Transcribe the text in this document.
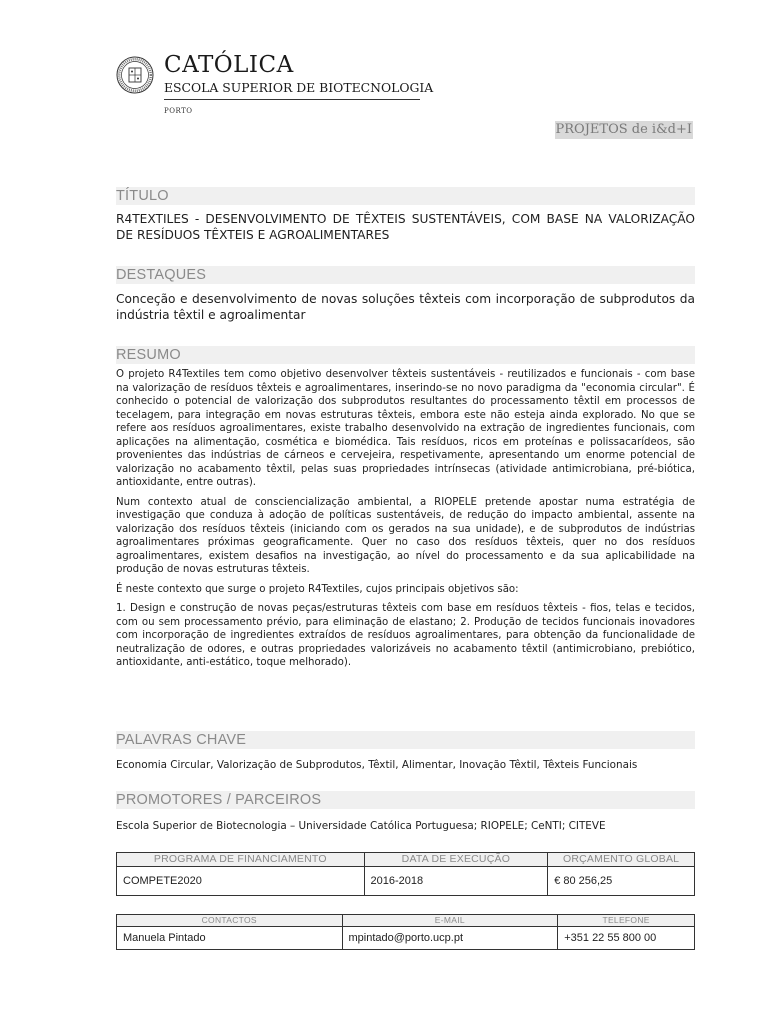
CATÓLICA
ESCOLA SUPERIOR DE BIOTECNOLOGIA
PORTO
PROJETOS de i&d+I
TÍTULO
R4TEXTILES - DESENVOLVIMENTO DE TÊXTEIS SUSTENTÁVEIS, COM BASE NA VALORIZAÇÃO DE RESÍDUOS TÊXTEIS E AGROALIMENTARES
DESTAQUES
Conceção e desenvolvimento de novas soluções têxteis com incorporação de subprodutos da indústria têxtil e agroalimentar
RESUMO

O projeto R4Textiles tem como objetivo desenvolver têxteis sustentáveis - reutilizados e funcionais - com base na valorização de resíduos têxteis e agroalimentares, inserindo-se no novo paradigma da "economia circular". É conhecido o potencial de valorização dos subprodutos resultantes do processamento têxtil em processos de tecelagem, para integração em novas estruturas têxteis, embora este não esteja ainda explorado. No que se refere aos resíduos agroalimentares, existe trabalho desenvolvido na extração de ingredientes funcionais, com aplicações na alimentação, cosmética e biomédica. Tais resíduos, ricos em proteínas e polissacarídeos, são provenientes das indústrias de cárneos e cervejeira, respetivamente, apresentando um enorme potencial de valorização no acabamento têxtil, pelas suas propriedades intrínsecas (atividade antimicrobiana, pré-biótica, antioxidante, entre outras).

Num contexto atual de consciencialização ambiental, a RIOPELE pretende apostar numa estratégia de investigação que conduza à adoção de políticas sustentáveis, de redução do impacto ambiental, assente na valorização dos resíduos têxteis (iniciando com os gerados na sua unidade), e de subprodutos de indústrias agroalimentares próximas geograficamente. Quer no caso dos resíduos têxteis, quer no dos resíduos agroalimentares, existem desafios na investigação, ao nível do processamento e da sua aplicabilidade na produção de novas estruturas têxteis.

É neste contexto que surge o projeto R4Textiles, cujos principais objetivos são:

1. Design e construção de novas peças/estruturas têxteis com base em resíduos têxteis - fios, telas e tecidos, com ou sem processamento prévio, para eliminação de elastano; 2. Produção de tecidos funcionais inovadores com incorporação de ingredientes extraídos de resíduos agroalimentares, para obtenção da funcionalidade de neutralização de odores, e outras propriedades valorizáveis no acabamento têxtil (antimicrobiano, prebiótico, antioxidante, anti-estático, toque melhorado).

PALAVRAS CHAVE
Economia Circular, Valorização de Subprodutos, Têxtil, Alimentar, Inovação Têxtil, Têxteis Funcionais
PROMOTORES / PARCEIROS
Escola Superior de Biotecnologia – Universidade Católica Portuguesa; RIOPELE; CeNTI; CITEVE
PROGRAMA DE FINANCIAMENTO	DATA DE EXECUÇÃO	ORÇAMENTO GLOBAL
COMPETE2020	2016-2018	€ 80 256,25
CONTACTOS	E-MAIL	TELEFONE
Manuela Pintado	mpintado@porto.ucp.pt	+351 22 55 800 00
